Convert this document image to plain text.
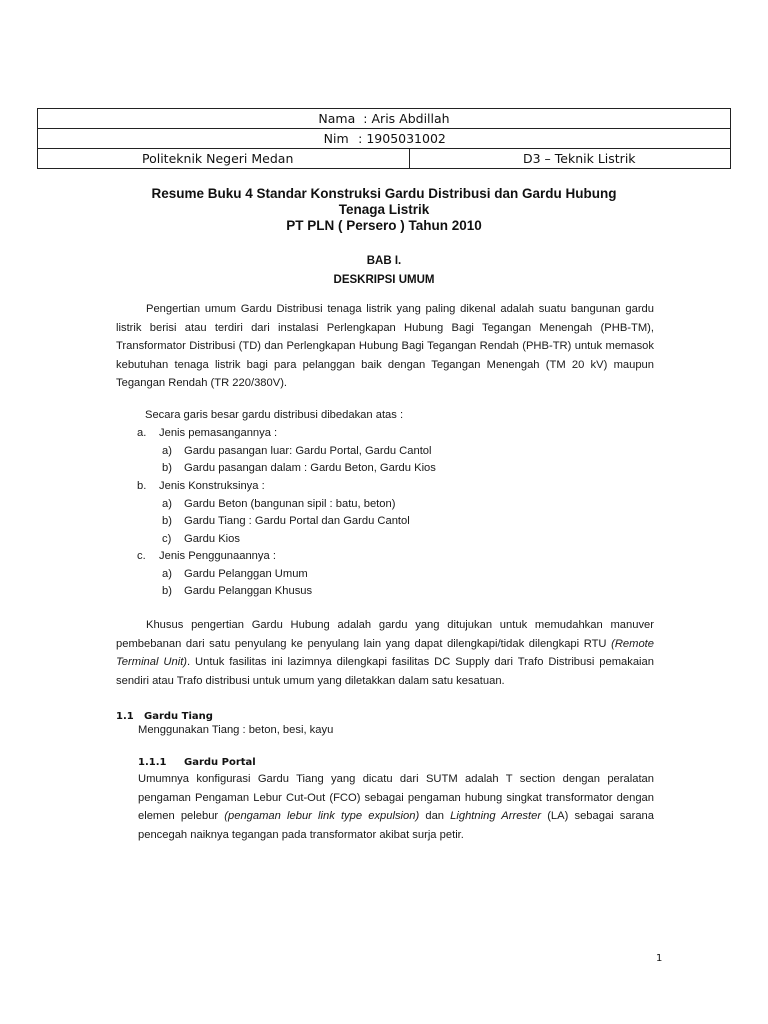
Nama : Aris Abdillah
Nim : 1905031002
Politeknik Negeri Medan	D3 – Teknik Listrik
Resume Buku 4 Standar Konstruksi Gardu Distribusi dan Gardu Hubung
Tenaga Listrik
PT PLN ( Persero ) Tahun 2010
BAB I.
DESKRIPSI UMUM
Pengertian umum Gardu Distribusi tenaga listrik yang paling dikenal adalah suatu bangunan gardu listrik berisi atau terdiri dari instalasi Perlengkapan Hubung Bagi Tegangan Menengah (PHB-TM), Transformator Distribusi (TD) dan Perlengkapan Hubung Bagi Tegangan Rendah (PHB-TR) untuk memasok kebutuhan tenaga listrik bagi para pelanggan baik dengan Tegangan Menengah (TM 20 kV) maupun Tegangan Rendah (TR 220/380V).
Secara garis besar gardu distribusi dibedakan atas :
a. Jenis pemasangannya :
a) Gardu pasangan luar: Gardu Portal, Gardu Cantol
b) Gardu pasangan dalam : Gardu Beton, Gardu Kios
b. Jenis Konstruksinya :
a) Gardu Beton (bangunan sipil : batu, beton)
b) Gardu Tiang : Gardu Portal dan Gardu Cantol
c) Gardu Kios
c. Jenis Penggunaannya :
a) Gardu Pelanggan Umum
b) Gardu Pelanggan Khusus
Khusus pengertian Gardu Hubung adalah gardu yang ditujukan untuk memudahkan manuver pembebanan dari satu penyulang ke penyulang lain yang dapat dilengkapi/tidak dilengkapi RTU (Remote Terminal Unit). Untuk fasilitas ini lazimnya dilengkapi fasilitas DC Supply dari Trafo Distribusi pemakaian sendiri atau Trafo distribusi untuk umum yang diletakkan dalam satu kesatuan.
1.1 Gardu Tiang
Menggunakan Tiang : beton, besi, kayu
1.1.1 Gardu Portal
Umumnya konfigurasi Gardu Tiang yang dicatu dari SUTM adalah T section dengan peralatan pengaman Pengaman Lebur Cut-Out (FCO) sebagai pengaman hubung singkat transformator dengan elemen pelebur (pengaman lebur link type expulsion) dan Lightning Arrester (LA) sebagai sarana pencegah naiknya tegangan pada transformator akibat surja petir.
1
